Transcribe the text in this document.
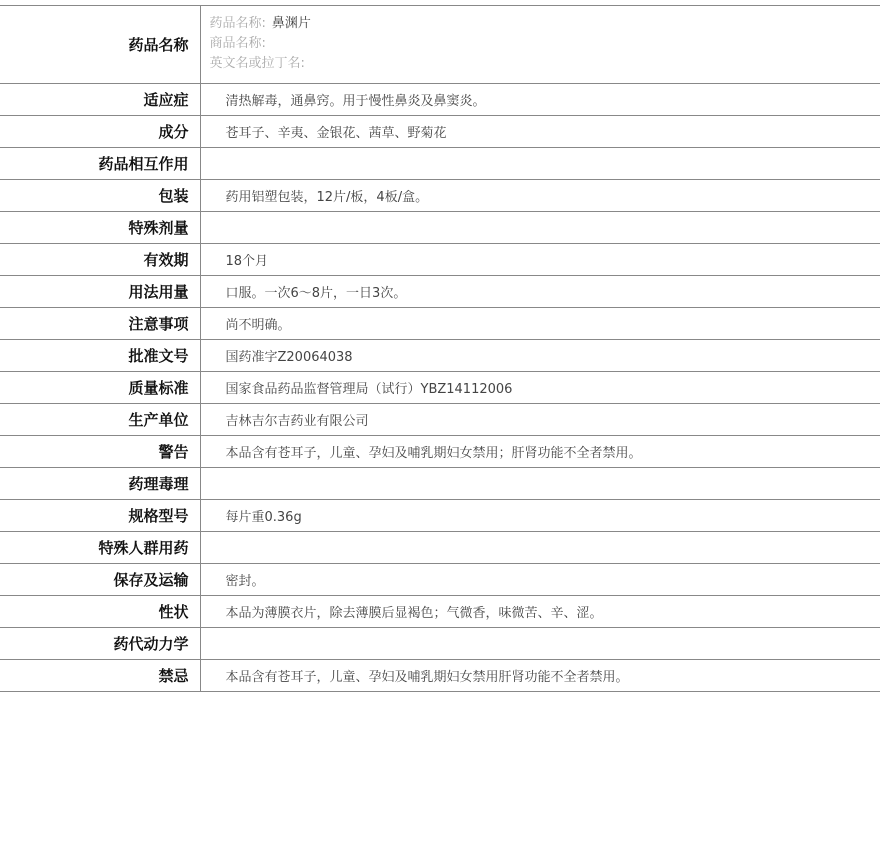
药品名称	药品名称: 鼻渊片
商品名称:
英文名或拉丁名:

适应症	清热解毒，通鼻窍。用于慢性鼻炎及鼻窦炎。
成分	苍耳子、辛夷、金银花、茜草、野菊花
药品相互作用	
包装	药用铝塑包装，12片/板，4板/盒。
特殊剂量	
有效期	18个月
用法用量	口服。一次6～8片，一日3次。
注意事项	尚不明确。
批准文号	国药准字Z20064038
质量标准	国家食品药品监督管理局（试行）YBZ14112006
生产单位	吉林吉尔吉药业有限公司
警告	本品含有苍耳子，儿童、孕妇及哺乳期妇女禁用；肝肾功能不全者禁用。
药理毒理	
规格型号	每片重0.36g
特殊人群用药	
保存及运输	密封。
性状	本品为薄膜衣片，除去薄膜后显褐色；气微香，味微苦、辛、涩。
药代动力学	
禁忌	本品含有苍耳子，儿童、孕妇及哺乳期妇女禁用肝肾功能不全者禁用。
